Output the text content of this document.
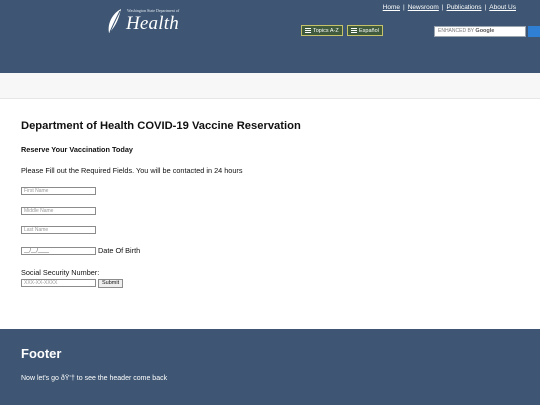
Washington State Department of
Health
Home | Newsroom | Publications | About Us
Topics A-Z	Español	ENHANCED BY Google
Department of Health COVID-19 Vaccine Reservation
Reserve Your Vaccination Today
Please Fill out the Required Fields. You will be contacted in 24 hours
First Name
Middle Name
Last Name
__/__/____	Date Of Birth
Social Security Number:
XXX-XX-XXXX	Submit
Footer
Now let's go ðŸ‘† to see the header come back
